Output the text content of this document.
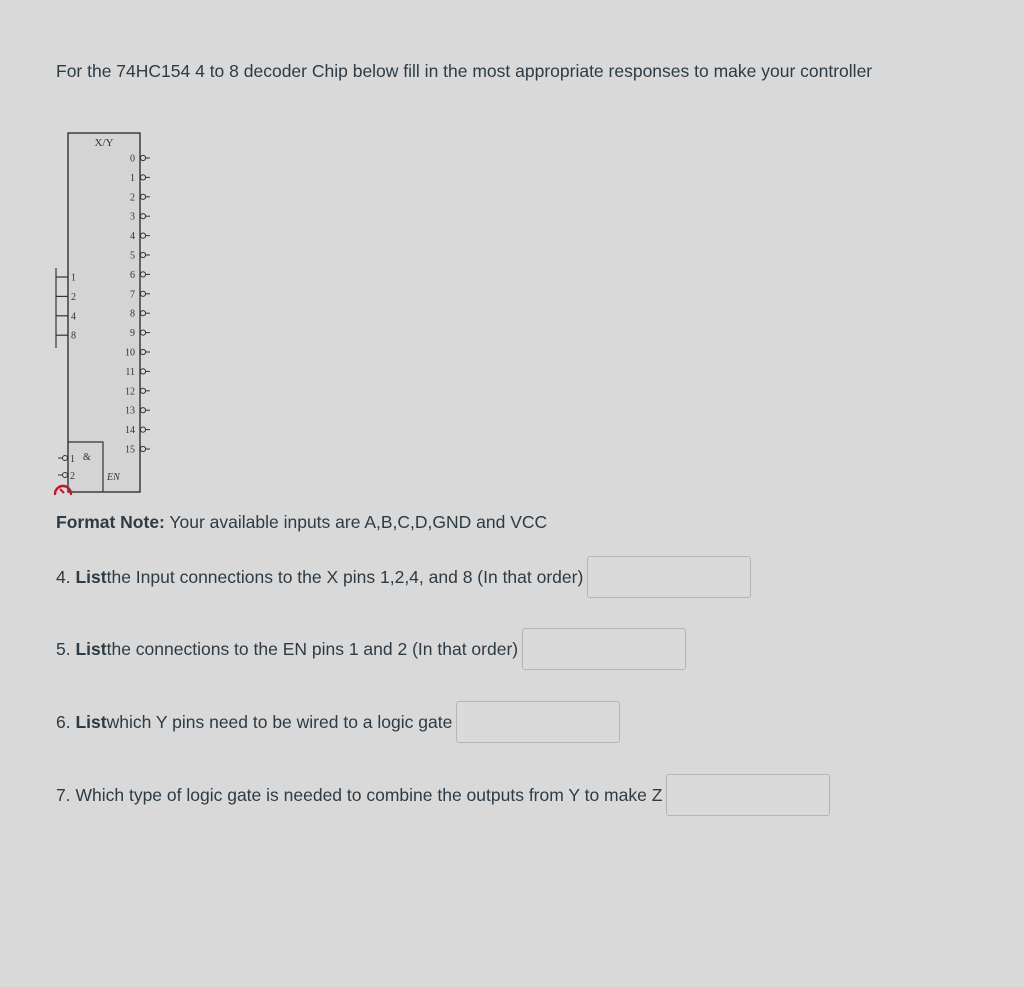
For the 74HC154 4 to 8 decoder Chip below fill in the most appropriate responses to make your controller

X/Y
0
1
2
3
4
5
6
7
8
9
10
11
12
13
14
15
1
2
4
8
&
1
2	EN

Format Note: Your available inputs are A,B,C,D,GND and VCC

4.
List the Input connections to the X pins 1,2,4, and 8 (In that order)
5.
List the connections to the EN pins 1 and 2 (In that order)
6.
List which Y pins need to be wired to a logic gate
7.
Which type of logic gate is needed to combine the outputs from Y to make Z
